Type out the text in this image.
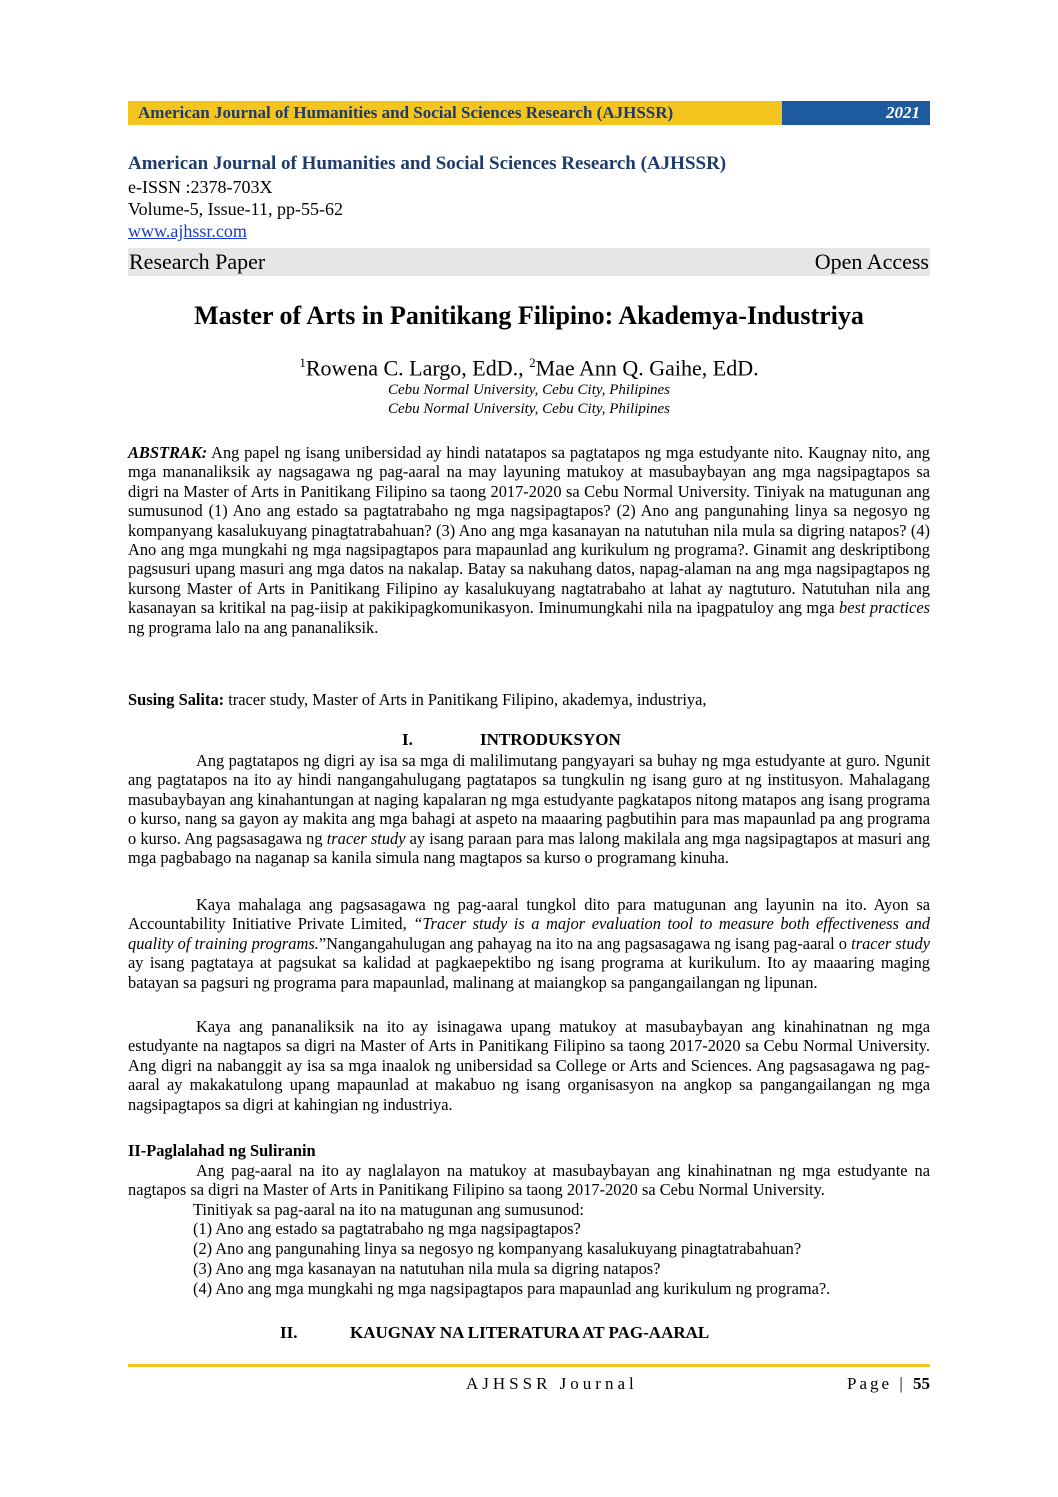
American Journal of Humanities and Social Sciences Research (AJHSSR)	2021
American Journal of Humanities and Social Sciences Research (AJHSSR)
e-ISSN :2378-703X
Volume-5, Issue-11, pp-55-62
www.ajhssr.com
Research Paper	Open Access
Master of Arts in Panitikang Filipino: Akademya-Industriya
$^1$Rowena C. Largo, EdD., $^2$Mae Ann Q. Gaihe, EdD.
Cebu Normal University, Cebu City, Philipines
Cebu Normal University, Cebu City, Philipines
ABSTRAK: Ang papel ng isang unibersidad ay hindi natatapos sa pagtatapos ng mga estudyante nito. Kaugnay nito, ang mga mananaliksik ay nagsagawa ng pag-aaral na may layuning matukoy at masubaybayan ang mga nagsipagtapos sa digri na Master of Arts in Panitikang Filipino sa taong 2017-2020 sa Cebu Normal University. Tiniyak na matugunan ang sumusunod (1) Ano ang estado sa pagtatrabaho ng mga nagsipagtapos? (2) Ano ang pangunahing linya sa negosyo ng kompanyang kasalukuyang pinagtatrabahuan? (3) Ano ang mga kasanayan na natutuhan nila mula sa digring natapos? (4) Ano ang mga mungkahi ng mga nagsipagtapos para mapaunlad ang kurikulum ng programa?. Ginamit ang deskriptibong pagsusuri upang masuri ang mga datos na nakalap. Batay sa nakuhang datos, napag-alaman na ang mga nagsipagtapos ng kursong Master of Arts in Panitikang Filipino ay kasalukuyang nagtatrabaho at lahat ay nagtuturo. Natutuhan nila ang kasanayan sa kritikal na pag-iisip at pakikipagkomunikasyon. Iminumungkahi nila na ipagpatuloy ang mga best practices ng programa lalo na ang pananaliksik.
Susing Salita: tracer study, Master of Arts in Panitikang Filipino, akademya, industriya,
I.	INTRODUKSYON
Ang pagtatapos ng digri ay isa sa mga di malilimutang pangyayari sa buhay ng mga estudyante at guro. Ngunit ang pagtatapos na ito ay hindi nangangahulugang pagtatapos sa tungkulin ng isang guro at ng institusyon. Mahalagang masubaybayan ang kinahantungan at naging kapalaran ng mga estudyante pagkatapos nitong matapos ang isang programa o kurso, nang sa gayon ay makita ang mga bahagi at aspeto na maaaring pagbutihin para mas mapaunlad pa ang programa o kurso. Ang pagsasagawa ng tracer study ay isang paraan para mas lalong makilala ang mga nagsipagtapos at masuri ang mga pagbabago na naganap sa kanila simula nang magtapos sa kurso o programang kinuha.
Kaya mahalaga ang pagsasagawa ng pag-aaral tungkol dito para matugunan ang layunin na ito. Ayon sa Accountability Initiative Private Limited, “Tracer study is a major evaluation tool to measure both effectiveness and quality of training programs.”Nangangahulugan ang pahayag na ito na ang pagsasagawa ng isang pag-aaral o tracer study ay isang pagtataya at pagsukat sa kalidad at pagkaepektibo ng isang programa at kurikulum. Ito ay maaaring maging batayan sa pagsuri ng programa para mapaunlad, malinang at maiangkop sa pangangailangan ng lipunan.
Kaya ang pananaliksik na ito ay isinagawa upang matukoy at masubaybayan ang kinahinatnan ng mga estudyante na nagtapos sa digri na Master of Arts in Panitikang Filipino sa taong 2017-2020 sa Cebu Normal University. Ang digri na nabanggit ay isa sa mga inaalok ng unibersidad sa College or Arts and Sciences. Ang pagsasagawa ng pag-aaral ay makakatulong upang mapaunlad at makabuo ng isang organisasyon na angkop sa pangangailangan ng mga nagsipagtapos sa digri at kahingian ng industriya.
II-Paglalahad ng Suliranin
Ang pag-aaral na ito ay naglalayon na matukoy at masubaybayan ang kinahinatnan ng mga estudyante na nagtapos sa digri na Master of Arts in Panitikang Filipino sa taong 2017-2020 sa Cebu Normal University.
Tinitiyak sa pag-aaral na ito na matugunan ang sumusunod:
(1) Ano ang estado sa pagtatrabaho ng mga nagsipagtapos?
(2) Ano ang pangunahing linya sa negosyo ng kompanyang kasalukuyang pinagtatrabahuan?
(3) Ano ang mga kasanayan na natutuhan nila mula sa digring natapos?
(4) Ano ang mga mungkahi ng mga nagsipagtapos para mapaunlad ang kurikulum ng programa?.
II.	KAUGNAY NA LITERATURA AT PAG-AARAL
AJHSSR Journal	Page | 55
